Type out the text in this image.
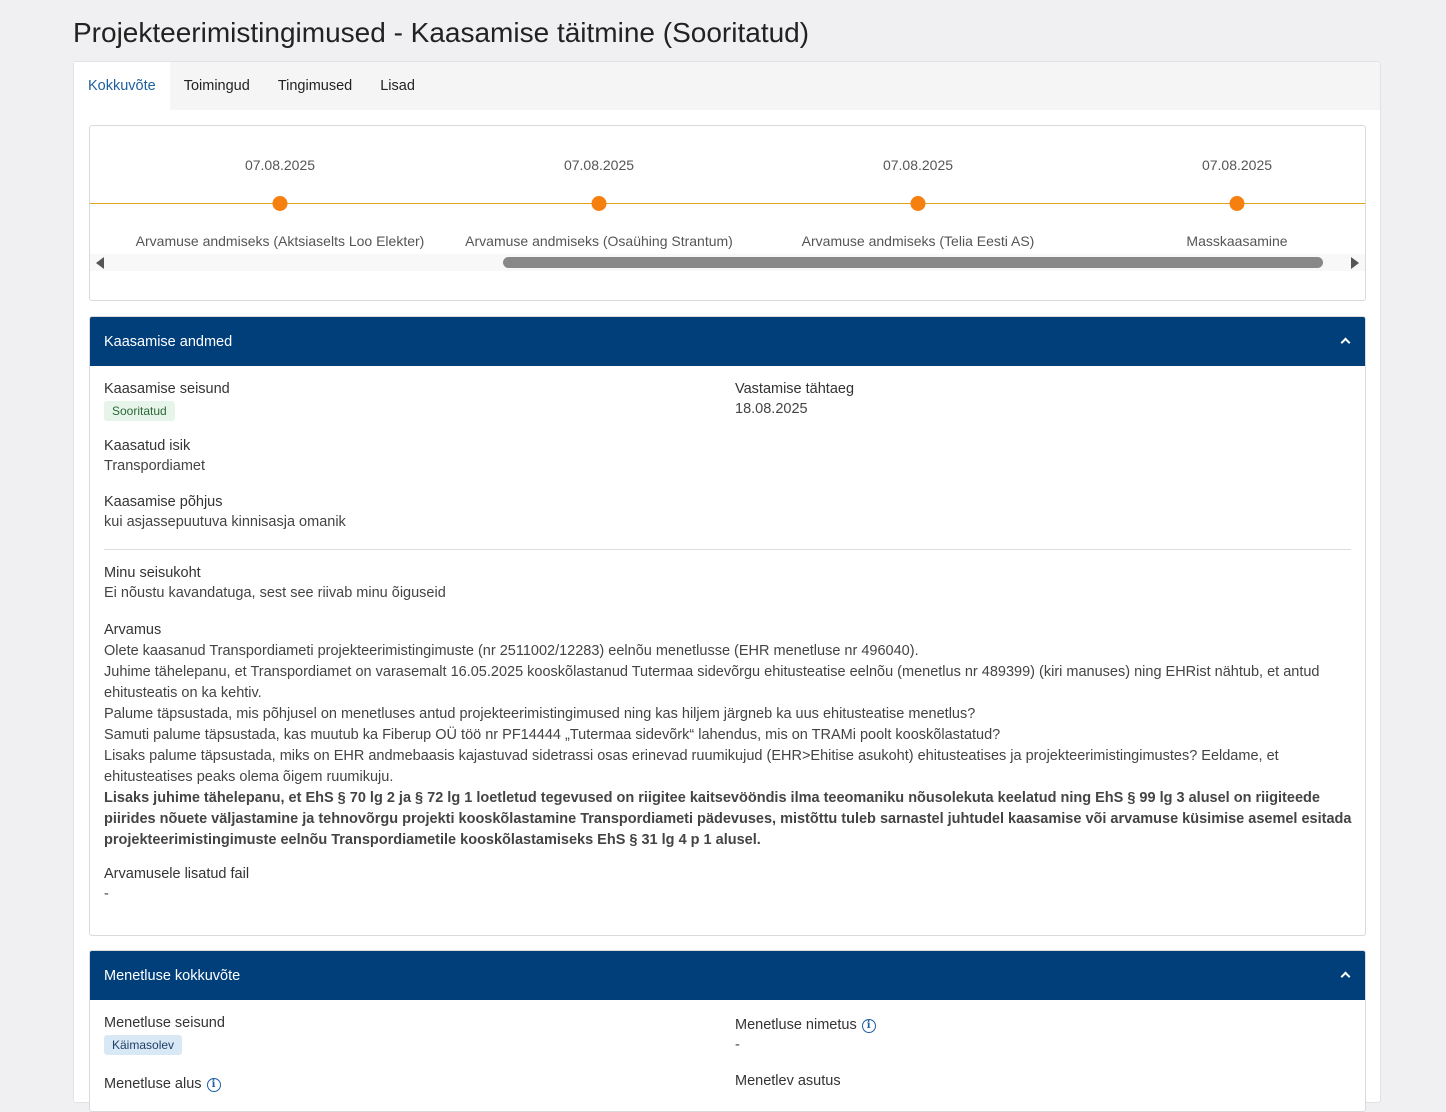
Projekteerimistingimused - Kaasamise täitmine (Sooritatud)
Kokkuvõte	Toimingud	Tingimused	Lisad
07.08.2025
Arvamuse andmiseks (Aktsiaselts Loo Elekter)
07.08.2025
Arvamuse andmiseks (Osaühing Strantum)
07.08.2025
Arvamuse andmiseks (Telia Eesti AS)
07.08.2025
Masskaasamine
Kaasamise andmed
Kaasamise seisund
Sooritatud
Vastamise tähtaeg
18.08.2025
Kaasatud isik
Transpordiamet
Kaasamise põhjus
kui asjassepuutuva kinnisasja omanik
Minu seisukoht
Ei nõustu kavandatuga, sest see riivab minu õiguseid

Arvamus

Olete kaasanud Transpordiameti projekteerimistingimuste (nr 2511002/12283) eelnõu menetlusse (EHR menetluse nr 496040).

Juhime tähelepanu, et Transpordiamet on varasemalt 16.05.2025 kooskõlastanud Tutermaa sidevõrgu ehitusteatise eelnõu (menetlus nr 489399) (kiri manuses) ning EHRist nähtub, et antud ehitusteatis on ka kehtiv.

Palume täpsustada, mis põhjusel on menetluses antud projekteerimistingimused ning kas hiljem järgneb ka uus ehitusteatise menetlus?

Samuti palume täpsustada, kas muutub ka Fiberup OÜ töö nr PF14444 „Tutermaa sidevõrk“ lahendus, mis on TRAMi poolt kooskõlastatud?

Lisaks palume täpsustada, miks on EHR andmebaasis kajastuvad sidetrassi osas erinevad ruumikujud (EHR>Ehitise asukoht) ehitusteatises ja projekteerimistingimustes? Eeldame, et ehitusteatises peaks olema õigem ruumikuju.

Lisaks juhime tähelepanu, et EhS § 70 lg 2 ja § 72 lg 1 loetletud tegevused on riigitee kaitsevööndis ilma teeomaniku nõusolekuta keelatud ning EhS § 99 lg 3 alusel on riigiteede piirides nõuete väljastamine ja tehnovõrgu projekti kooskõlastamine Transpordiameti pädevuses, mistõttu tuleb sarnastel juhtudel kaasamise või arvamuse küsimise asemel esitada projekteerimistingimuste eelnõu Transpordiametile kooskõlastamiseks EhS § 31 lg 4 p 1 alusel.

Arvamusele lisatud fail
-
Menetluse kokkuvõte
Menetluse seisund
Käimasolev
Menetluse nimetus i
-
Menetluse alus i	Menetlev asutus
